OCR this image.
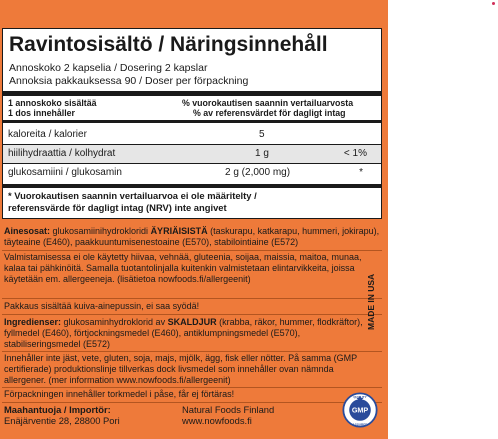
Ravintosisältö / Näringsinnehåll
Annoskoko 2 kapselia / Dosering 2 kapslar
Annoksia pakkauksessa 90 / Doser per förpackning
1 annoskoko sisältää
1 dos innehåller
% vuorokautisen saannin vertailuarvosta
% av referensvärdet för dagligt intag
kaloreita / kalorier	5
hiilihydraattia / kolhydrat	1 g	< 1%
glukosamiini / glukosamin	2 g (2,000 mg)	*
* Vuorokautisen saannin vertailuarvoa ei ole määritelty /
referensvärde för dagligt intag (NRV) inte angivet
Ainesosat: glukosamiinihydrokloridi ÄYRIÄISISTÄ (taskurapu, katkarapu, hummeri, jokirapu), täyteaine (E460), paakkuuntumisenestoaine (E570), stabilointiaine (E572)
Valmistamisessa ei ole käytetty hiivaa, vehnää, gluteenia, soijaa, maissia, maitoa, munaa, kalaa tai pähkinöitä. Samalla tuotantolinjalla kuitenkin valmistetaan elintarvikkeita, joissa käytetään em. allergeeneja. (lisätietoa nowfoods.fi/allergeenit)
Pakkaus sisältää kuiva-ainepussin, ei saa syödä!
Ingredienser: glukosaminhydroklorid av SKALDJUR (krabba, räkor, hummer, flodkräftor), fyllmedel (E460), förtjockningsmedel (E460), antiklumpningsmedel (E570), stabiliseringsmedel (E572)
Innehåller inte jäst, vete, gluten, soja, majs, mjölk, ägg, fisk eller nötter. På samma (GMP certifierade) produktionslinje tillverkas dock livsmedel som innehåller ovan nämnda allergener. (mer information www.nowfoods.fi/allergeenit)
Förpackningen innehåller torkmedel i påse, får ej förtäras!
Maahantuoja / Importör:
Enäjärventie 28, 28800 Pori
Natural Foods Finland
www.nowfoods.fi
MADE IN USA
QUALITY
GMP
ASSURED
